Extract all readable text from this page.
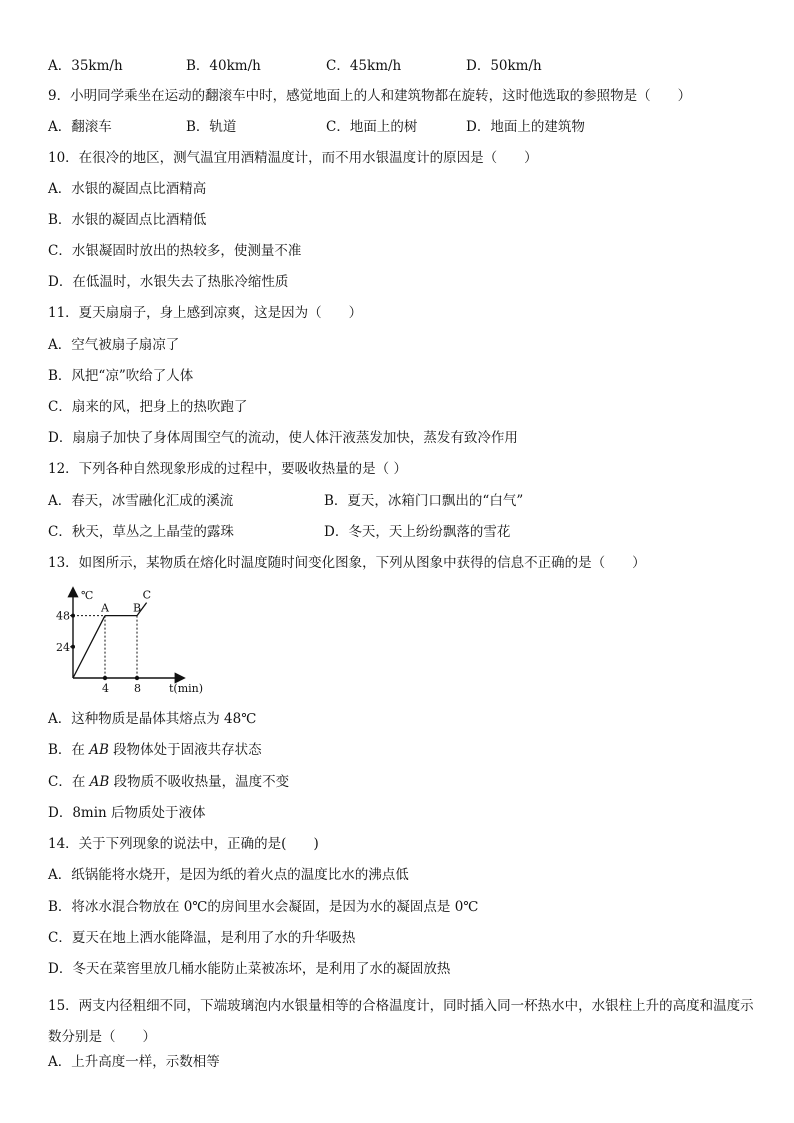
A．35km/h	B．40km/h	C．45km/h	D．50km/h
9．小明同学乘坐在运动的翻滚车中时，感觉地面上的人和建筑物都在旋转，这时他选取的参照物是（　　）
A．翻滚车	B．轨道	C．地面上的树	D．地面上的建筑物
10．在很冷的地区，测气温宜用酒精温度计，而不用水银温度计的原因是（　　）
A．水银的凝固点比酒精高
B．水银的凝固点比酒精低
C．水银凝固时放出的热较多，使测量不准
D．在低温时，水银失去了热胀冷缩性质
11．夏天扇扇子，身上感到凉爽，这是因为（　　）
A．空气被扇子扇凉了
B．风把“凉”吹给了人体
C．扇来的风，把身上的热吹跑了
D．扇扇子加快了身体周围空气的流动，使人体汗液蒸发加快，蒸发有致冷作用
12．下列各种自然现象形成的过程中，要吸收热量的是（ ）
A．春天，冰雪融化汇成的溪流	B．夏天，冰箱门口飘出的“白气”
C．秋天，草丛之上晶莹的露珠	D．冬天，天上纷纷飘落的雪花
13．如图所示，某物质在熔化时温度随时间变化图象，下列从图象中获得的信息不正确的是（　　）
℃
t(min)
48
24
4 8
A B
C
A．这种物质是晶体其熔点为 48℃
B．在 AB 段物体处于固液共存状态
C．在 AB 段物质不吸收热量，温度不变
D．8min 后物质处于液体
14．关于下列现象的说法中，正确的是(　　)
A．纸锅能将水烧开，是因为纸的着火点的温度比水的沸点低
B．将冰水混合物放在 0℃的房间里水会凝固，是因为水的凝固点是 0℃
C．夏天在地上洒水能降温，是利用了水的升华吸热
D．冬天在菜窖里放几桶水能防止菜被冻坏，是利用了水的凝固放热
15．两支内径粗细不同，下端玻璃泡内水银量相等的合格温度计，同时插入同一杯热水中，水银柱上升的高度和温度示数分别是（　　）
A．上升高度一样，示数相等
